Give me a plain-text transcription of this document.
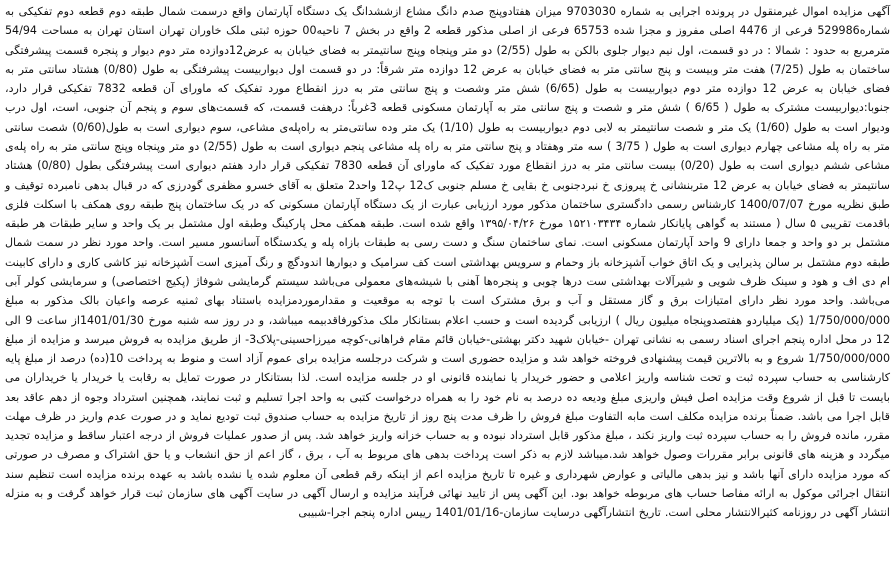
آگهی مزایده اموال غیرمنقول در پرونده اجرایی به شماره 9703030 میزان هفتادوپنج صدم دانگ مشاع ازششدانگ یک دستگاه آپارتمان واقع درسمت شمال طبقه دوم قطعه دوم تفکیکی به شماره529986 فرعی از 4476 اصلی مفروز و مجزا شده 65753 فرعی از اصلی مذکور قطعه 2 واقع در بخش 7 ناحیه00 حوزه ثبتی ملک خاوران تهران استان تهران به مساحت 54/94 مترمربع به حدود : شمالا : در دو قسمت، اول نیم دیوار جلوی بالکن به طول (2/55) دو متر وپنجاه وپنج سانتیمتر به فضای خیابان به عرض12دوازده متر دوم دیوار و پنجره قسمت پیشرفتگی ساختمان به طول (7/25) هفت متر وبیست و پنج سانتی متر به فضای خیابان به عرض 12 دوازده متر شرقاً: در دو قسمت اول دیواربیست پیشرفتگی به طول (0/80) هشتاد سانتی متر به فضای خیابان به عرض 12 دوازده متر دوم دیواربیست به طول (6/65) شش متر وشصت و پنج سانتی متر به درز انقطاع مورد تفکیک که ماورای آن قطعه 7832 تفکیکی قرار دارد، جنوبا:دیواربیست مشترک به طول ( 6/65 ) شش متر و شصت و پنج سانتی متر به آپارتمان مسکونی قطعه 3غرباً: درهفت قسمت، که قسمت‌های سوم و پنجم آن جنوبی، است، اول درب ودیوار است به طول (1/60) یک متر و شصت سانتیمتر به لابی دوم دیواربیست به طول (1/10) یک متر وده سانتی‌متر به راه‌پله‌ی مشاعی، سوم دیواری است به طول(0/60) شصت سانتی متر به راه پله مشاعی چهارم دیواری است به طول ( 3/75 ) سه متر وهفتاد و پنج سانتی متر به راه پله مشاعی پنجم دیواری است به طول (2/55) دو متر وپنجاه وپنج سانتی متر به راه پله‌ی مشاعی ششم دیواری است به طول (0/20) بیست سانتی متر به درز انقطاع مورد تفکیک که ماورای آن قطعه 7830 تفکیکی قرار دارد هفتم دیواری است پیشرفتگی بطول (0/80) هشتاد سانتیمتر به فضای خیابان به عرض 12 متربنشانی خ پیروزی خ نبردجنوبی خ بقایی خ مسلم جنوبی ک12 پ12 واحد2 متعلق به آقای خسرو مظفری گودرزی که در قبال بدهی نامبرده توقیف و طبق نظریه مورخ 1400/07/07 کارشناس رسمی دادگستری ساختمان مذکور مورد ارزیابی عبارت از یک دستگاه آپارتمان مسکونی که در یک ساختمان پنج طبقه روی همکف با اسکلت فلزی باقدمت تقریبی ۵ سال ( مستند به گواهی پایانکار شماره ۱۵۲۱۰۳۴۳۴ مورخ ۱۳۹۵/۰۴/۲۶ واقع شده است. طبقه همکف محل پارکینگ وطبقه اول مشتمل بر یک واحد و سایر طبقات هر طبقه مشتمل بر دو واحد و جمعا دارای 9 واحد آپارتمان مسکونی است. نمای ساختمان سنگ و دست رسی به طبقات بازاه پله و یکدستگاه آسانسور مسیر است. واحد مورد نظر در سمت شمال طبقه دوم مشتمل بر سالن پذیرایی و یک اتاق خواب آشپزخانه باز وحمام و سرویس بهداشتی است کف سرامیک و دیوارها اندودگچ و رنگ آمیزی است آشپزخانه نیز کاشی کاری و دارای کابینت ام دی اف و هود و سینک ظرف شویی و شیرآلات بهداشتی ست درها چوبی و پنجره‌ها آهنی با شیشه‌های معمولی می‌باشد سیستم گرمایشی شوفاژ (پکیج اختصاصی) و سرمایشی کولر آبی می‌باشد. واحد مورد نظر دارای امتیازات برق و گاز مستقل و آب و برق مشترک است با توجه به موقعیت و مقدارموردمزایده باستناد بهای ثمنیه عرصه واعیان بالک مذکور به مبلغ 1/750/000/000 (یک میلیاردو هفتصدوپنجاه میلیون ریال ) ارزیابی گردیده است و حسب اعلام بستانکار ملک مذکورفاقدبیمه میباشد، و در روز سه شنبه مورخ 1401/01/30از ساعت 9 الی 12 در محل اداره پنجم اجرای اسناد رسمی به نشانی تهران -خیابان شهید دکتر بهشتی-خیابان قائم مقام فراهانی-کوچه میرزاحسینی-پلاک3- از طریق مزایده به فروش میرسد و مزایده از مبلغ 1/750/000/000 شروع و به بالاترین قیمت پیشنهادی فروخته خواهد شد و مزایده حضوری است و شرکت درجلسه مزایده برای عموم آزاد است و منوط به پرداخت 10(ده) درصد از مبلغ پایه کارشناسی به حساب سپرده ثبت و تحت شناسه واریز اعلامی و حضور خریدار یا نماینده قانونی او در جلسه مزایده است. لذا بستانکار در صورت تمایل به رقابت یا خریدار یا خریداران می بایست تا قبل از شروع وقت مزایده اصل فیش واریزی مبلغ ودیعه ده درصد به نام خود را به همراه درخواست کتبی به واحد اجرا تسلیم و ثبت نمایند، همچنین استرداد وجوه از دهم عاقد بعد قابل اجرا می باشد. ضمناً برنده مزایده مکلف است مابه التفاوت مبلغ فروش را ظرف مدت پنج روز از تاریخ مزایده به حساب صندوق ثبت تودیع نماید و در صورت عدم واریز در ظرف مهلت مقرر، مانده فروش را به حساب سپرده ثبت واریز نکند ، مبلغ مذکور قابل استرداد نبوده و به حساب خزانه واریز خواهد شد. پس از صدور عملیات فروش از درجه اعتبار ساقط و مزایده تجدید میگردد و هزینه های قانونی برابر مقررات وصول خواهد شد.میباشد لازم به ذکر است پرداخت بدهی های مربوط به آب ، برق ، گاز اعم از حق انشعاب و یا حق اشتراک و مصرف در صورتی که مورد مزایده دارای آنها باشد و نیز بدهی مالیاتی و عوارض شهرداری و غیره تا تاریخ مزایده اعم از اینکه رقم قطعی آن معلوم شده یا نشده باشد به عهده برنده مزایده است تنظیم سند انتقال اجرائی موکول به ارائه مفاصا حساب های مربوطه خواهد بود. این آگهی پس از تایید نهائی فرآیند مزایده و ارسال آگهی در سایت آگهی های سازمان ثبت قرار خواهد گرفت و به منزله انتشار آگهی در روزنامه کثیرالانتشار محلی است. تاریخ انتشارآگهی درسایت سازمان-1401/01/16 رییس اداره پنجم اجرا-شبیبی
